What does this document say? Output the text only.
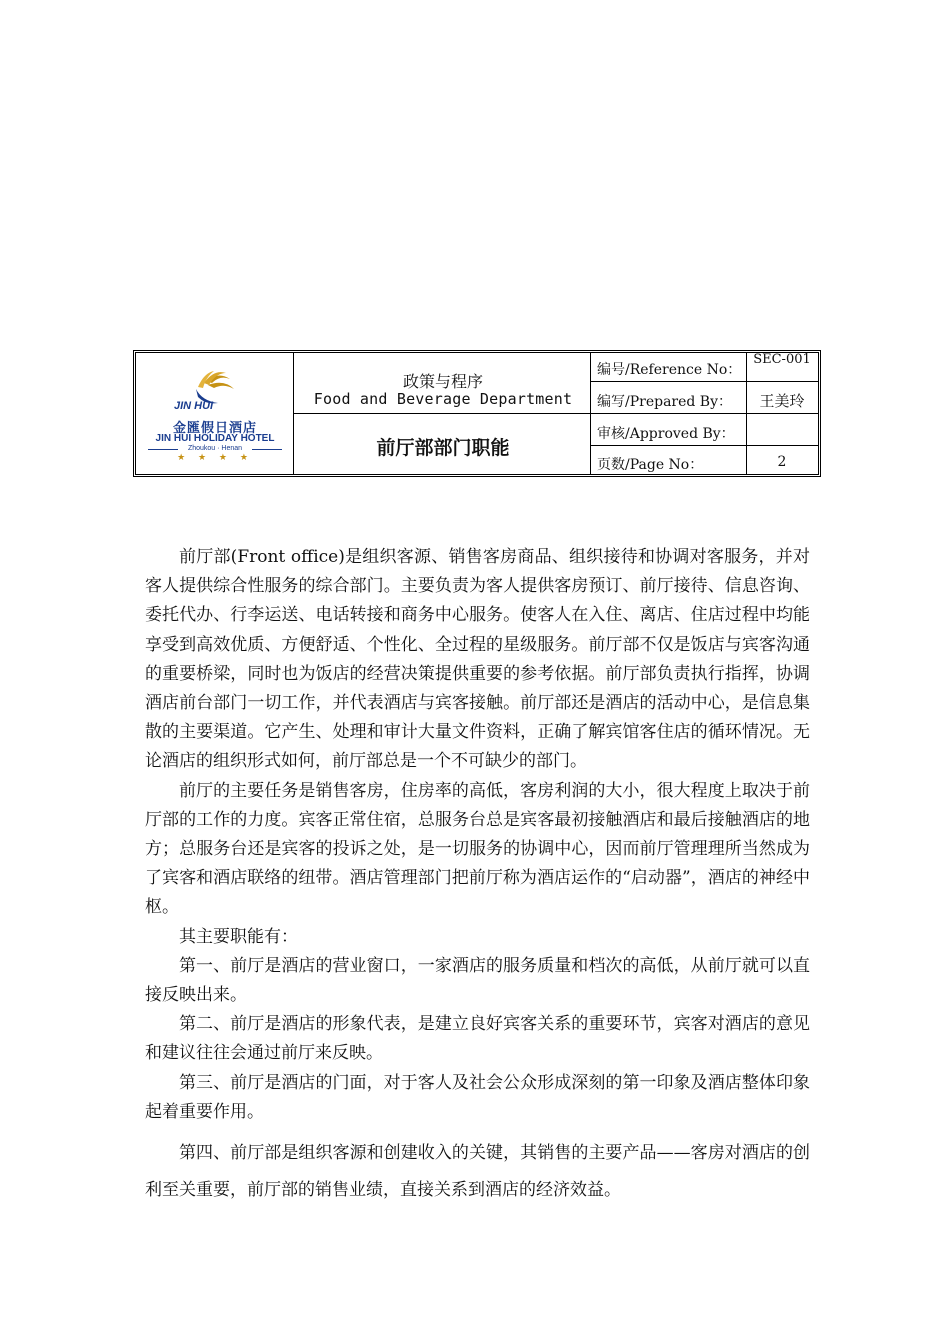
JIN HUI
金匯假日酒店
JIN HUI HOLIDAY HOTEL
Zhoukou · Henan
★ ★ ★ ★
政策与程序
Food and Beverage Department
前厅部部门职能
编号/Reference No：
SEC-001
编写/Prepared By：	王美玲
审核/Approved By：
页数/Page No：	2

前厅部(Front office)是组织客源、销售客房商品、组织接待和协调对客服务，并对客人提供综合性服务的综合部门。主要负责为客人提供客房预订、前厅接待、信息咨询、委托代办、行李运送、电话转接和商务中心服务。使客人在入住、离店、住店过程中均能享受到高效优质、方便舒适、个性化、全过程的星级服务。前厅部不仅是饭店与宾客沟通的重要桥梁，同时也为饭店的经营决策提供重要的参考依据。前厅部负责执行指挥，协调酒店前台部门一切工作，并代表酒店与宾客接触。前厅部还是酒店的活动中心，是信息集散的主要渠道。它产生、处理和审计大量文件资料，正确了解宾馆客住店的循环情况。无论酒店的组织形式如何，前厅部总是一个不可缺少的部门。

前厅的主要任务是销售客房，住房率的高低，客房利润的大小，很大程度上取决于前厅部的工作的力度。宾客正常住宿，总服务台总是宾客最初接触酒店和最后接触酒店的地方；总服务台还是宾客的投诉之处，是一切服务的协调中心，因而前厅管理理所当然成为了宾客和酒店联络的纽带。酒店管理部门把前厅称为酒店运作的“启动器”，酒店的神经中枢。

其主要职能有：

第一、前厅是酒店的营业窗口，一家酒店的服务质量和档次的高低，从前厅就可以直接反映出来。

第二、前厅是酒店的形象代表，是建立良好宾客关系的重要环节，宾客对酒店的意见和建议往往会通过前厅来反映。

第三、前厅是酒店的门面，对于客人及社会公众形成深刻的第一印象及酒店整体印象起着重要作用。

第四、前厅部是组织客源和创建收入的关键，其销售的主要产品——客房对酒店的创利至关重要，前厅部的销售业绩，直接关系到酒店的经济效益。
